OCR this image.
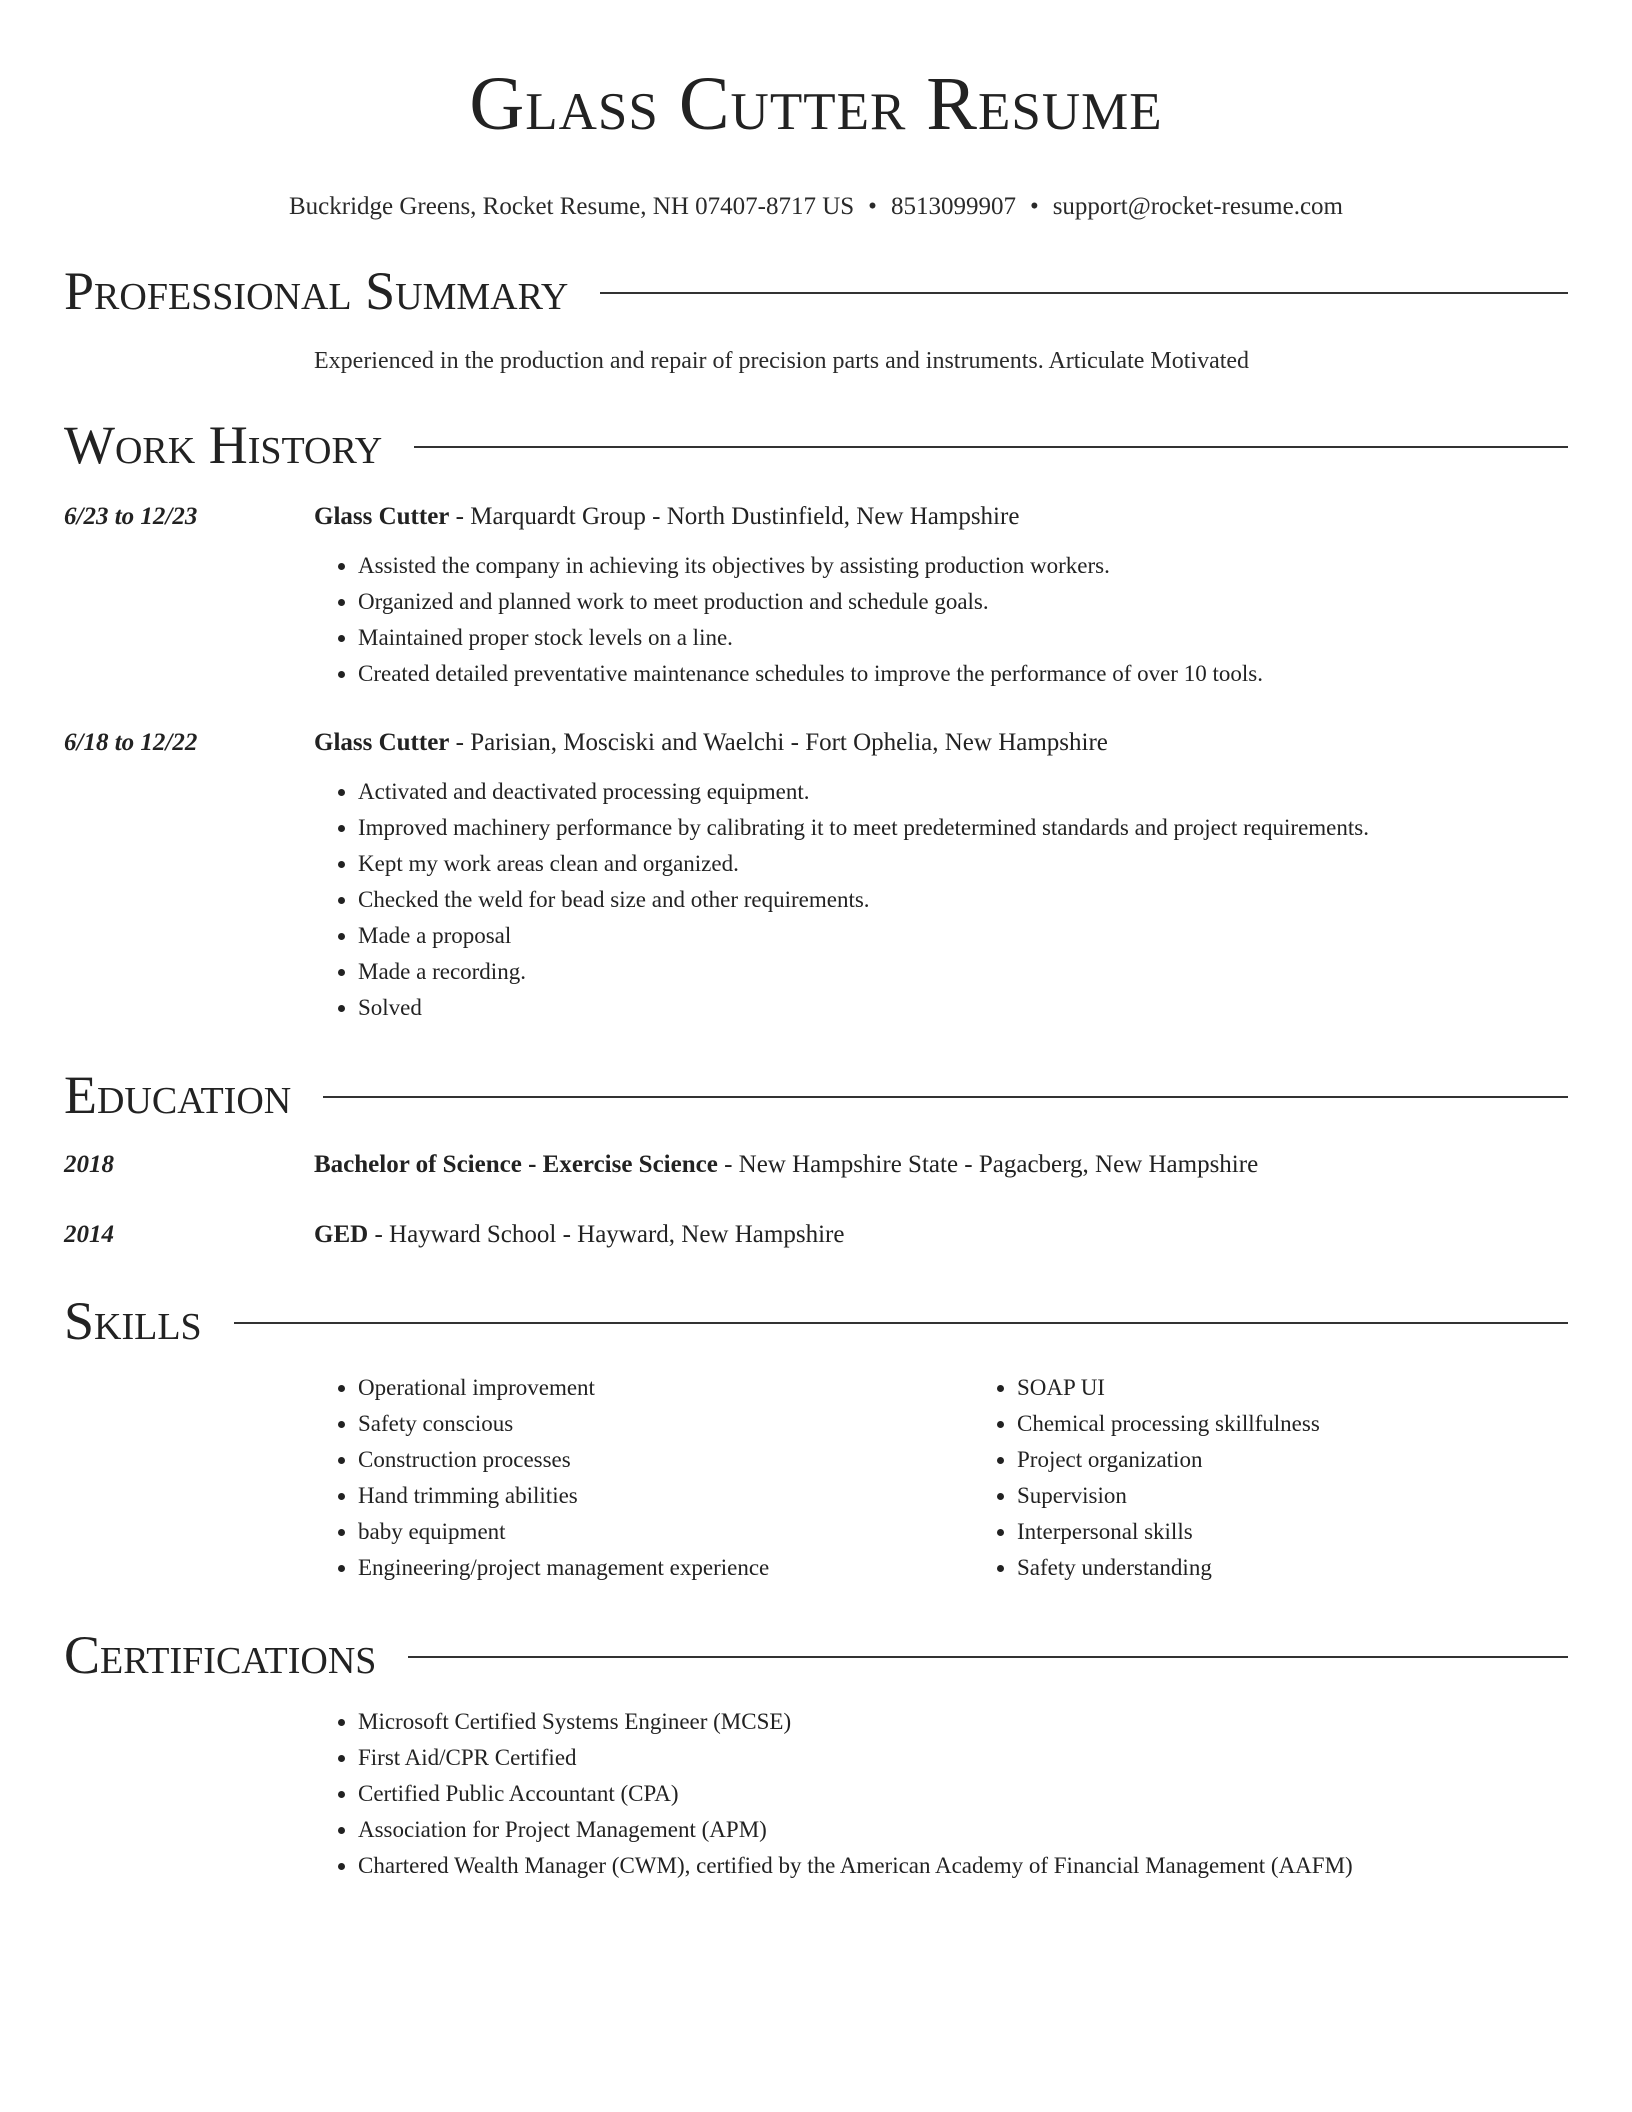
Glass Cutter Resume
Buckridge Greens, Rocket Resume, NH 07407-8717 US • 8513099907 • support@rocket-resume.com
Professional Summary
Experienced in the production and repair of precision parts and instruments. Articulate Motivated
Work History
6/23 to 12/23	Glass Cutter - Marquardt Group - North Dustinfield, New Hampshire
• Assisted the company in achieving its objectives by assisting production workers.
• Organized and planned work to meet production and schedule goals.
• Maintained proper stock levels on a line.
• Created detailed preventative maintenance schedules to improve the performance of over 10 tools.
6/18 to 12/22	Glass Cutter - Parisian, Mosciski and Waelchi - Fort Ophelia, New Hampshire
• Activated and deactivated processing equipment.
• Improved machinery performance by calibrating it to meet predetermined standards and project requirements.
• Kept my work areas clean and organized.
• Checked the weld for bead size and other requirements.
• Made a proposal
• Made a recording.
• Solved
Education
2018	Bachelor of Science - Exercise Science - New Hampshire State - Pagacberg, New Hampshire
2014	GED - Hayward School - Hayward, New Hampshire
Skills
• Operational improvement
• Safety conscious
• Construction processes
• Hand trimming abilities
• baby equipment
• Engineering/project management experience
• SOAP UI
• Chemical processing skillfulness
• Project organization
• Supervision
• Interpersonal skills
• Safety understanding
Certifications
• Microsoft Certified Systems Engineer (MCSE)
• First Aid/CPR Certified
• Certified Public Accountant (CPA)
• Association for Project Management (APM)
• Chartered Wealth Manager (CWM), certified by the American Academy of Financial Management (AAFM)
